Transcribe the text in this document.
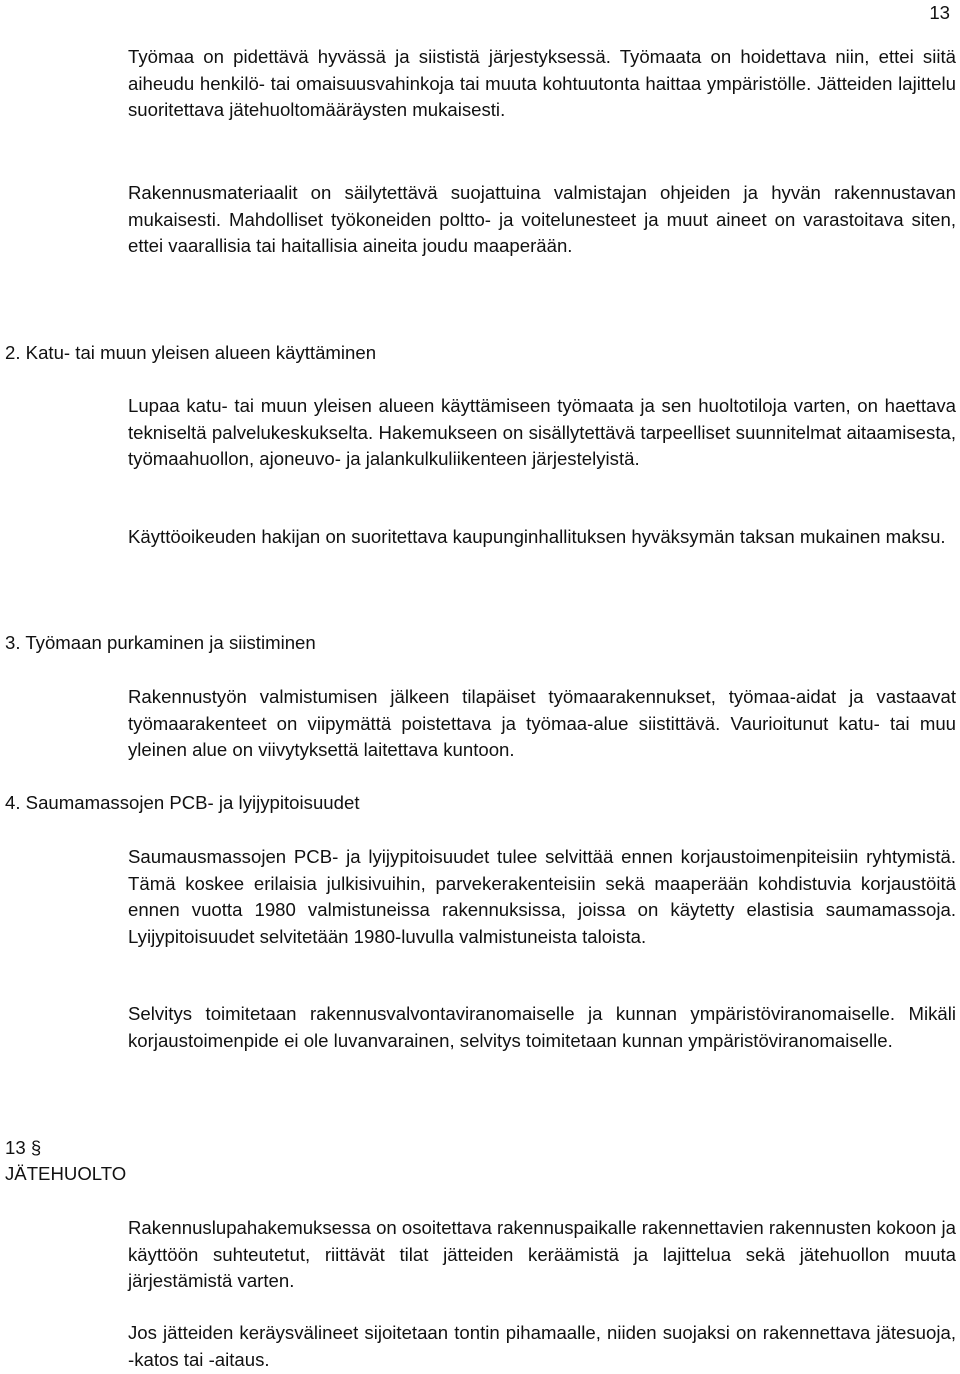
13

Työmaa on pidettävä hyvässä ja siististä järjestyksessä. Työmaata on hoidettava niin, ettei siitä aiheudu henkilö- tai omaisuusvahinkoja tai muuta kohtuutonta haittaa ympäristölle. Jätteiden lajittelu suoritettava jätehuoltomääräysten mukaisesti.

Rakennusmateriaalit on säilytettävä suojattuina valmistajan ohjeiden ja hyvän rakennustavan mukaisesti. Mahdolliset työkoneiden poltto- ja voitelunesteet ja muut aineet on varastoitava siten, ettei vaarallisia tai haitallisia aineita joudu maaperään.

2. Katu- tai muun yleisen alueen käyttäminen

Lupaa katu- tai muun yleisen alueen käyttämiseen työmaata ja sen huoltotiloja varten, on haettava tekniseltä palvelukeskukselta. Hakemukseen on sisällytettävä tarpeelliset suunnitelmat aitaamisesta, työmaahuollon, ajoneuvo- ja jalankulkuliikenteen järjestelyistä.

Käyttöoikeuden hakijan on suoritettava kaupunginhallituksen hyväksymän taksan mukainen maksu.

3. Työmaan purkaminen ja siistiminen

Rakennustyön valmistumisen jälkeen tilapäiset työmaarakennukset, työmaa-aidat ja vastaavat työmaarakenteet on viipymättä poistettava ja työmaa-alue siistittävä. Vaurioitunut katu- tai muu yleinen alue on viivytyksettä laitettava kuntoon.

4. Saumamassojen PCB- ja lyijypitoisuudet

Saumausmassojen PCB- ja lyijypitoisuudet tulee selvittää ennen korjaustoimenpiteisiin ryhtymistä. Tämä koskee erilaisia julkisivuihin, parvekerakenteisiin sekä maaperään kohdistuvia korjaustöitä ennen vuotta 1980 valmistuneissa rakennuksissa, joissa on käytetty elastisia saumamassoja. Lyijypitoisuudet selvitetään 1980-luvulla valmistuneista taloista.

Selvitys toimitetaan rakennusvalvontaviranomaiselle ja kunnan ympäristöviranomaiselle. Mikäli korjaustoimenpide ei ole luvanvarainen, selvitys toimitetaan kunnan ympäristöviranomaiselle.

13 §
JÄTEHUOLTO

Rakennuslupahakemuksessa on osoitettava rakennuspaikalle rakennettavien rakennusten kokoon ja käyttöön suhteutetut, riittävät tilat jätteiden keräämistä ja lajittelua sekä jätehuollon muuta järjestämistä varten.

Jos jätteiden keräysvälineet sijoitetaan tontin pihamaalle, niiden suojaksi on rakennettava jätesuoja, -katos tai -aitaus.
